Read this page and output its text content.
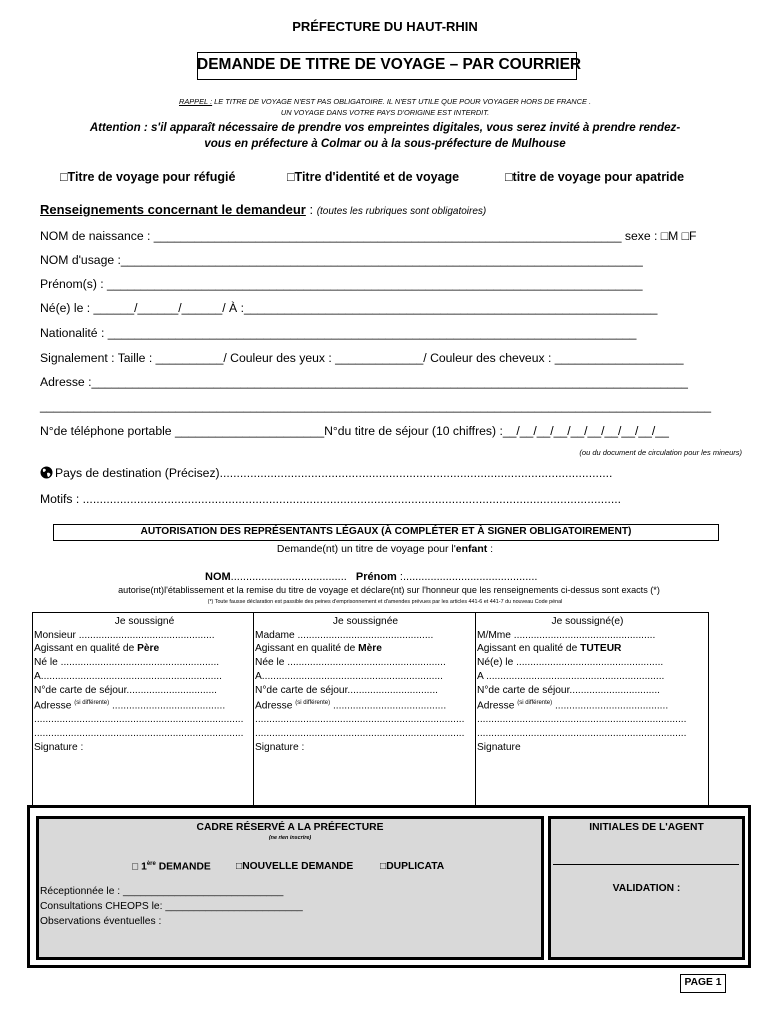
PRÉFECTURE DU HAUT-RHIN
DEMANDE DE TITRE DE VOYAGE – PAR COURRIER
RAPPEL : LE TITRE DE VOYAGE N'EST PAS OBLIGATOIRE. IL N'EST UTILE QUE POUR VOYAGER HORS DE FRANCE .
UN VOYAGE DANS VOTRE PAYS D'ORIGINE EST INTERDIT.
Attention : s'il apparaît nécessaire de prendre vos empreintes digitales, vous serez invité à prendre rendez-
vous en préfecture à Colmar ou à la sous-préfecture de Mulhouse
□Titre de voyage pour réfugié	□Titre d'identité et de voyage	□titre de voyage pour apatride
Renseignements concernant le demandeur : (toutes les rubriques sont obligatoires)
NOM de naissance : _____________________________________________________________________ sexe : □M □F
NOM d'usage :_____________________________________________________________________________
Prénom(s) : _______________________________________________________________________________
Né(e) le : ______/______/______/ À :_____________________________________________________________
Nationalité : ______________________________________________________________________________
Signalement : Taille : __________/ Couleur des yeux : _____________/ Couleur des cheveux : ___________________
Adresse :________________________________________________________________________________________
___________________________________________________________________________________________________
N°de téléphone portable ______________________N°du titre de séjour (10 chiffres) :__/__/__/__/__/__/__/__/__/__
(ou du document de circulation pour les mineurs)
Pays de destination (Précisez)....................................................................................................................
Motifs : ...............................................................................................................................................................
AUTORISATION DES REPRÉSENTANTS LÉGAUX (À COMPLÉTER ET À SIGNER OBLIGATOIREMENT)
Demande(nt) un titre de voyage pour l'enfant :
NOM...................................... Prénom :............................................
autorise(nt)l'établissement et la remise du titre de voyage et déclare(nt) sur l'honneur que les renseignements ci-dessus sont exacts (*)
(*) Toute fausse déclaration est passible des peines d'emprisonnement et d'amendes prévues par les articles 441-6 et 441-7 du nouveau Code pénal
Je soussigné
Monsieur ................................................
Agissant en qualité de Père
Né le ........................................................
A................................................................
N°de carte de séjour................................
Adresse $^{(si différente)}$ ........................................
..........................................................................
..........................................................................
Signature :
Je soussignée
Madame ................................................
Agissant en qualité de Mère
Née le ........................................................
A................................................................
N°de carte de séjour................................
Adresse $^{(si différente)}$ ........................................
..........................................................................
..........................................................................
Signature :
Je soussigné(e)
M/Mme ..................................................
Agissant en qualité de TUTEUR
Né(e) le ....................................................
A ...............................................................
N°de carte de séjour................................
Adresse $^{(si différente)}$ ........................................
..........................................................................
..........................................................................
Signature
CADRE RÉSERVÉ A LA PRÉFECTURE
(ne rien inscrire)
□ 1ère DEMANDE □NOUVELLE DEMANDE	□DUPLICATA
Réceptionnée le : ____________________________
Consultations CHEOPS le: ________________________
Observations éventuelles :
INITIALES DE L'AGENT
VALIDATION :
PAGE 1
